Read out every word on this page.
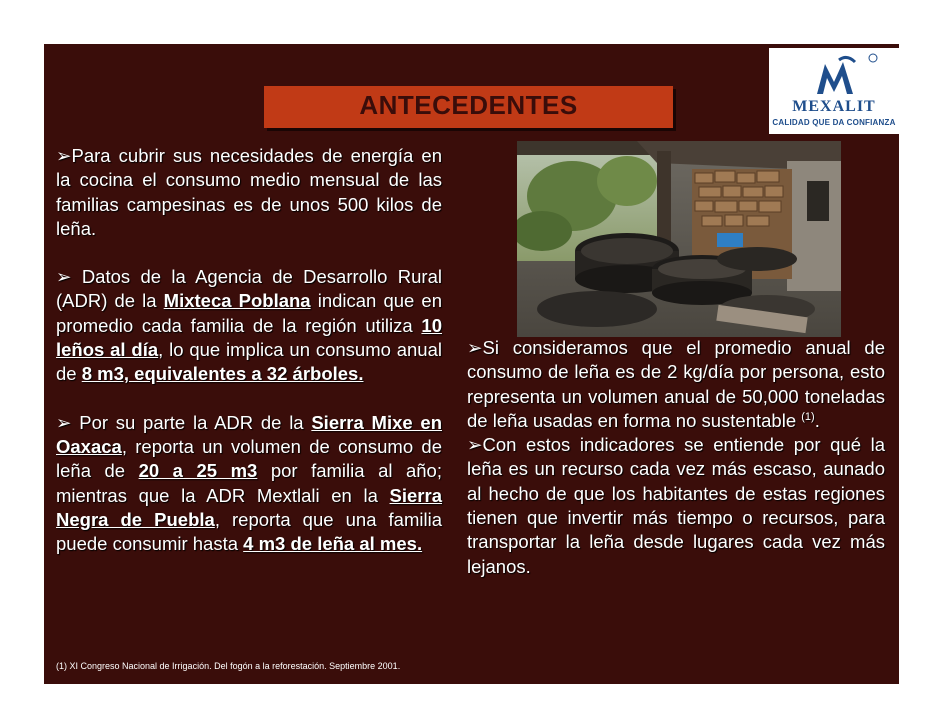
MEXALIT
CALIDAD QUE DA CONFIANZA
ANTECEDENTES

➢Para cubrir sus necesidades de energía en la cocina el consumo medio mensual de las familias campesinas es de unos 500 kilos de leña.

➢ Datos de la Agencia de Desarrollo Rural (ADR) de la Mixteca Poblana indican que en promedio cada familia de la región utiliza 10 leños al día, lo que implica un consumo anual de 8 m3, equivalentes a 32 árboles.

➢ Por su parte la ADR de la Sierra Mixe en Oaxaca, reporta un volumen de consumo de leña de 20 a 25 m3 por familia al año; mientras que la ADR Mextlali en la Sierra Negra de Puebla, reporta que una familia puede consumir hasta 4 m3 de leña al mes.

➢Si consideramos que el promedio anual de consumo de leña es de 2 kg/día por persona, esto representa un volumen anual de 50,000 toneladas de leña usadas en forma no sustentable $^{(1)}$.

➢Con estos indicadores se entiende por qué la leña es un recurso cada vez más escaso, aunado al hecho de que los habitantes de estas regiones tienen que invertir más tiempo o recursos, para transportar la leña desde lugares cada vez más lejanos.

(1) XI Congreso Nacional de Irrigación. Del fogón a la reforestación. Septiembre 2001.
